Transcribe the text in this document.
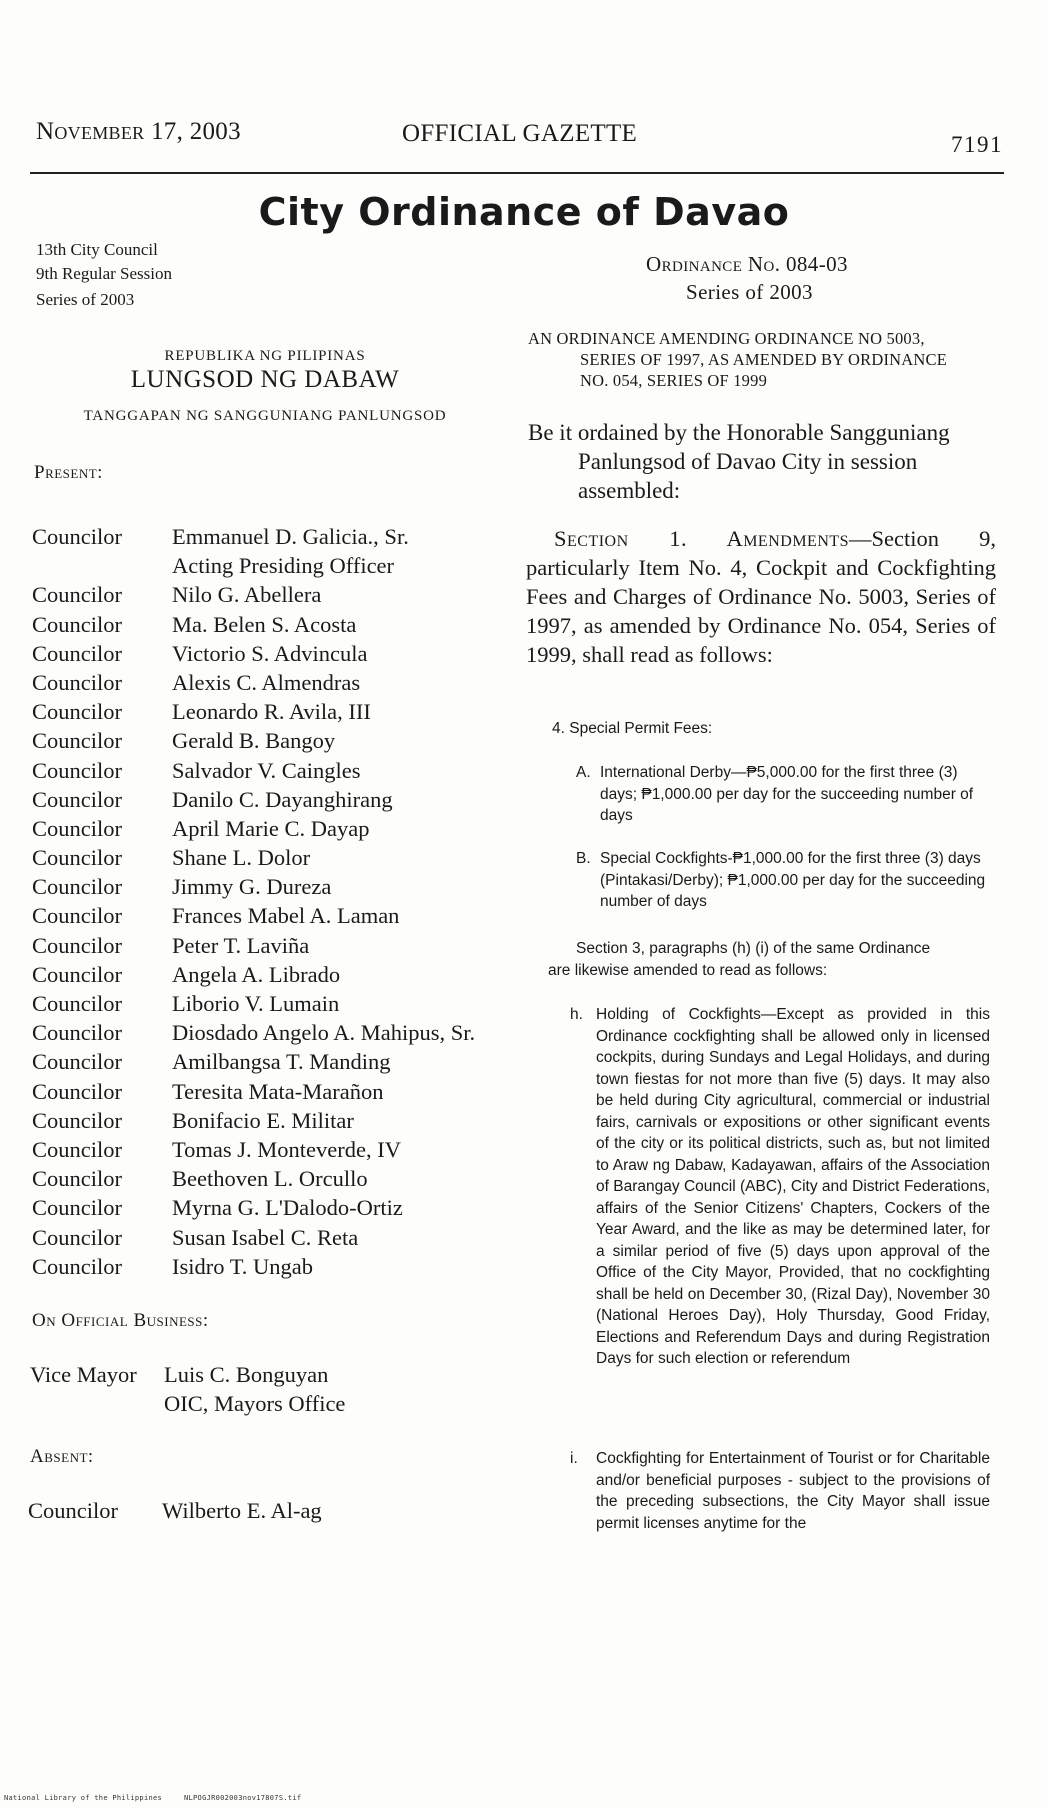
November 17, 2003	OFFICIAL GAZETTE	7191
City Ordinance of Davao
13th City Council
9th Regular Session
Series of 2003
REPUBLIKA NG PILIPINAS
LUNGSOD NG DABAW
TANGGAPAN NG SANGGUNIANG PANLUNGSOD
Present:
Councilor	Emmanuel D. Galicia., Sr.
Acting Presiding Officer
Councilor	Nilo G. Abellera
Councilor	Ma. Belen S. Acosta
Councilor	Victorio S. Advincula
Councilor	Alexis C. Almendras
Councilor	Leonardo R. Avila, III
Councilor	Gerald B. Bangoy
Councilor	Salvador V. Caingles
Councilor	Danilo C. Dayanghirang
Councilor	April Marie C. Dayap
Councilor	Shane L. Dolor
Councilor	Jimmy G. Dureza
Councilor	Frances Mabel A. Laman
Councilor	Peter T. Laviña
Councilor	Angela A. Librado
Councilor	Liborio V. Lumain
Councilor	Diosdado Angelo A. Mahipus, Sr.
Councilor	Amilbangsa T. Manding
Councilor	Teresita Mata-Marañon
Councilor	Bonifacio E. Militar
Councilor	Tomas J. Monteverde, IV
Councilor	Beethoven L. Orcullo
Councilor	Myrna G. L'Dalodo-Ortiz
Councilor	Susan Isabel C. Reta
Councilor	Isidro T. Ungab
On Official Business:
Vice Mayor	Luis C. Bonguyan
OIC, Mayors Office
Absent:
Councilor	Wilberto E. Al-ag
Ordinance No. 084-03
Series of 2003
AN ORDINANCE AMENDING ORDINANCE NO 5003,
SERIES OF 1997, AS AMENDED BY ORDINANCE
NO. 054, SERIES OF 1999
Be it ordained by the Honorable Sangguniang
Panlungsod of Davao City in session
assembled:
Section 1. Amendments—Section 9, particularly Item No. 4, Cockpit and Cockfighting Fees and Charges of Ordinance No. 5003, Series of 1997, as amended by Ordinance No. 054, Series of 1999, shall read as follows:
4. Special Permit Fees:
A. International Derby—₱5,000.00 for the first three (3) days; ₱1,000.00 per day for the succeeding number of days
B. Special Cockfights-₱1,000.00 for the first three (3) days (Pintakasi/Derby); ₱1,000.00 per day for the succeeding number of days
Section 3, paragraphs (h) (i) of the same Ordinance
are likewise amended to read as follows:
h. Holding of Cockfights—Except as provided in this Ordinance cockfighting shall be allowed only in licensed cockpits, during Sundays and Legal Holidays, and during town fiestas for not more than five (5) days. It may also be held during City agricultural, commercial or industrial fairs, carnivals or expositions or other significant events of the city or its political districts, such as, but not limited to Araw ng Dabaw, Kadayawan, affairs of the Association of Barangay Council (ABC), City and District Federations, affairs of the Senior Citizens' Chapters, Cockers of the Year Award, and the like as may be determined later, for a similar period of five (5) days upon approval of the Office of the City Mayor, Provided, that no cockfighting shall be held on December 30, (Rizal Day), November 30 (National Heroes Day), Holy Thursday, Good Friday, Elections and Referendum Days and during Registration Days for such election or referendum
i.	Cockfighting for Entertainment of Tourist or for Charitable and/or beneficial purposes - subject to the provisions of the preceding subsections, the City Mayor shall issue permit licenses anytime for the
National Library of the Philippines	NLPOGJR002003nov17807S.tif
